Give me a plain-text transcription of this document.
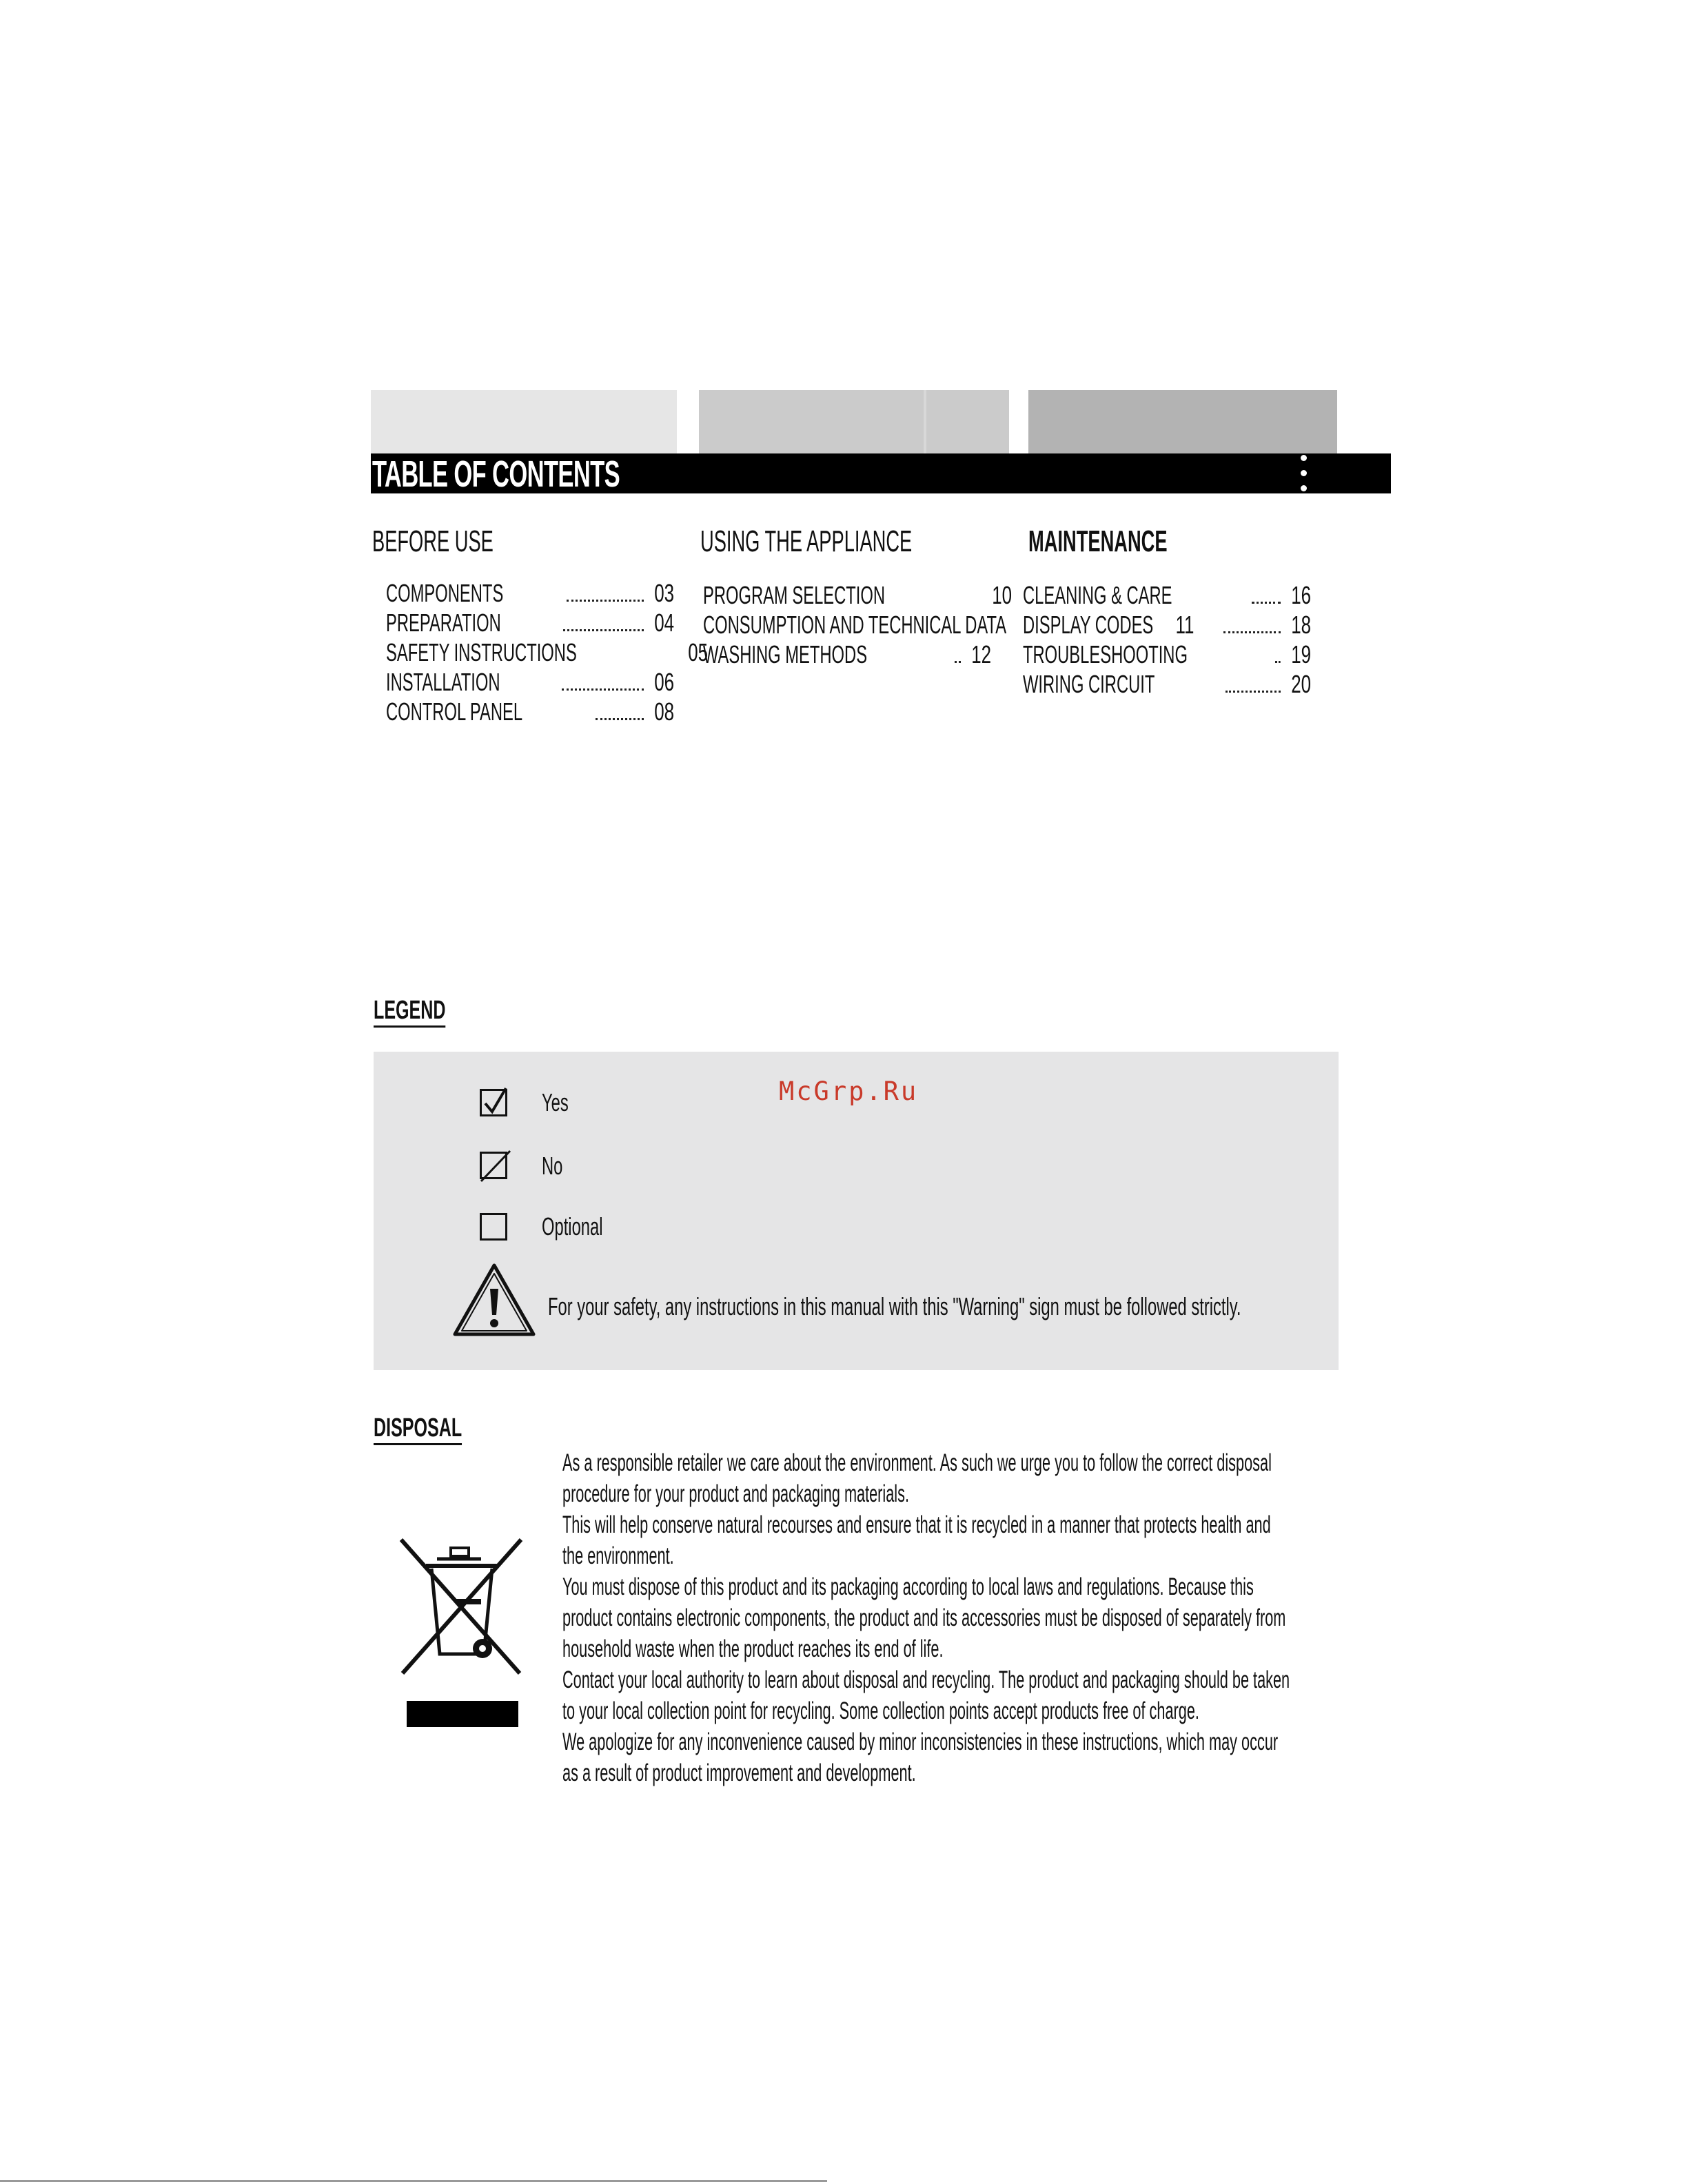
TABLE OF CONTENTS
BEFORE USE	USING THE APPLIANCE	MAINTENANCE
COMPONENTS	03
PREPARATION	04
SAFETY INSTRUCTIONS	05
INSTALLATION	06
CONTROL PANEL	08
PROGRAM SELECTION	10
CONSUMPTION AND TECHNICAL DATA	11
WASHING METHODS	12
CLEANING & CARE	16
DISPLAY CODES	18
TROUBLESHOOTING	19
WIRING CIRCUIT	20
LEGEND
Yes
No
Optional
For your safety, any instructions in this manual with this "Warning" sign must be followed strictly.
McGrp.Ru
DISPOSAL
As a responsible retailer we care about the environment. As such we urge you to follow the correct disposal
procedure for your product and packaging materials.
This will help conserve natural recourses and ensure that it is recycled in a manner that protects health and
the environment.
You must dispose of this product and its packaging according to local laws and regulations. Because this
product contains electronic components, the product and its accessories must be disposed of separately from
household waste when the product reaches its end of life.
Contact your local authority to learn about disposal and recycling. The product and packaging should be taken
to your local collection point for recycling. Some collection points accept products free of charge.
We apologize for any inconvenience caused by minor inconsistencies in these instructions, which may occur
as a result of product improvement and development.
